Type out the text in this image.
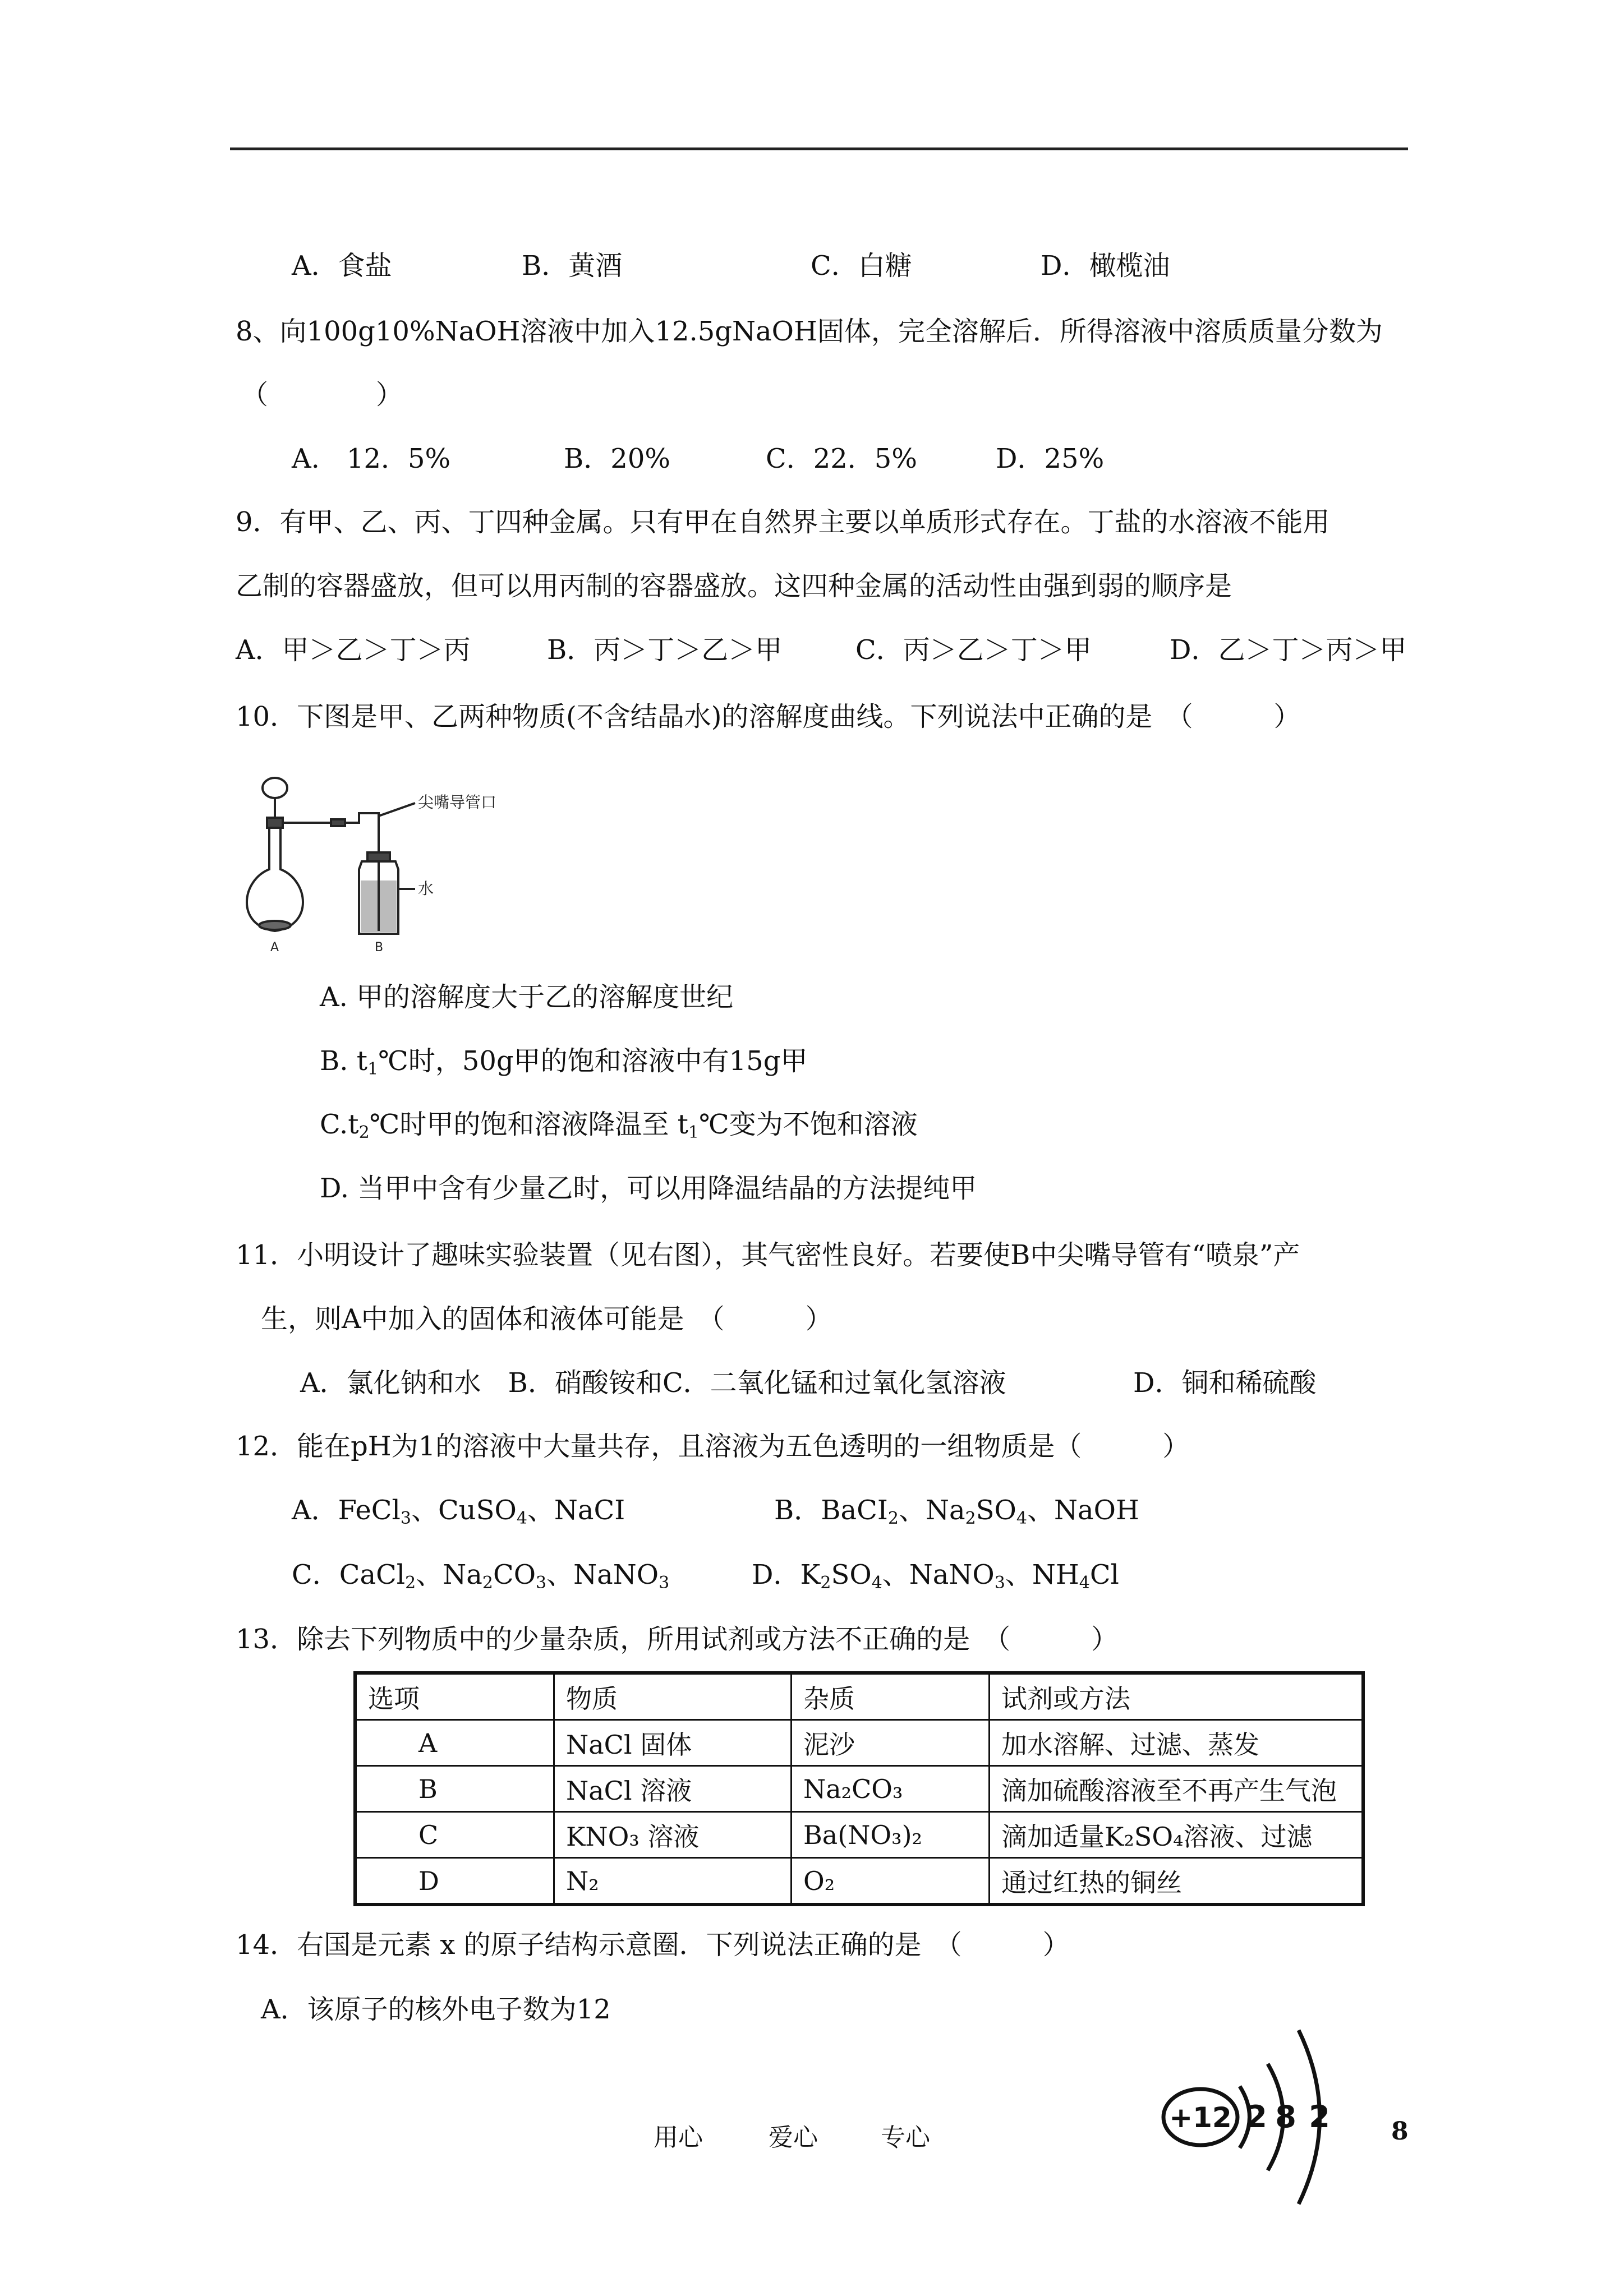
A．食盐	B．黄酒	C．白糖	D．橄榄油
8、向100g10%NaOH溶液中加入12.5gNaOH固体，完全溶解后．所得溶液中溶质质量分数为
（　　　　）
A.　12．5%	B．20%	C．22．5%	D．25%
9．有甲、乙、丙、丁四种金属。只有甲在自然界主要以单质形式存在。丁盐的水溶液不能用
乙制的容器盛放，但可以用丙制的容器盛放。这四种金属的活动性由强到弱的顺序是
A．甲＞乙＞丁＞丙	B．丙＞丁＞乙＞甲	C．丙＞乙＞丁＞甲	D．乙＞丁＞丙＞甲
10．下图是甲、乙两种物质(不含结晶水)的溶解度曲线。下列说法中正确的是　（　　　）
尖嘴导管口
水
A	B
A. 甲的溶解度大于乙的溶解度世纪
B. $t_1℃$时，50g甲的饱和溶液中有15g甲
$C.t_2℃$时甲的饱和溶液降温至 $t_1℃$变为不饱和溶液
D. 当甲中含有少量乙时，可以用降温结晶的方法提纯甲
11．小明设计了趣味实验装置（见右图），其气密性良好。若要使B中尖嘴导管有“喷泉”产
生，则A中加入的固体和液体可能是　（　　　）
A．氯化钠和水　B．硝酸铵和C．二氧化锰和过氧化氢溶液	D．铜和稀硫酸
12．能在pH为1的溶液中大量共存，且溶液为五色透明的一组物质是（　　　）
A．FeCl$_3$、CuSO$_4$、NaCI	B．BaCI$_2$、$Na_2SO_4$、NaOH
C．CaCl$_2$、$Na_2CO_3$、NaNO$_3$	D．$K_2SO_4$、NaNO$_3$、$NH_4Cl$
13．除去下列物质中的少量杂质，所用试剂或方法不正确的是　（　　　）
选项	物质	杂质	试剂或方法
A	NaCl 固体	泥沙	加水溶解、过滤、蒸发
B	NaCl 溶液	Na₂CO₃	滴加硫酸溶液至不再产生气泡
C	KNO₃ 溶液	Ba(NO₃)₂	滴加适量K₂SO₄溶液、过滤
D	N₂	O₂	通过红热的铜丝
14．右国是元素 x 的原子结构示意圈．下列说法正确的是　（　　　）
A．该原子的核外电子数为12
+12 2 8 2
用心	爱心	专心	8
